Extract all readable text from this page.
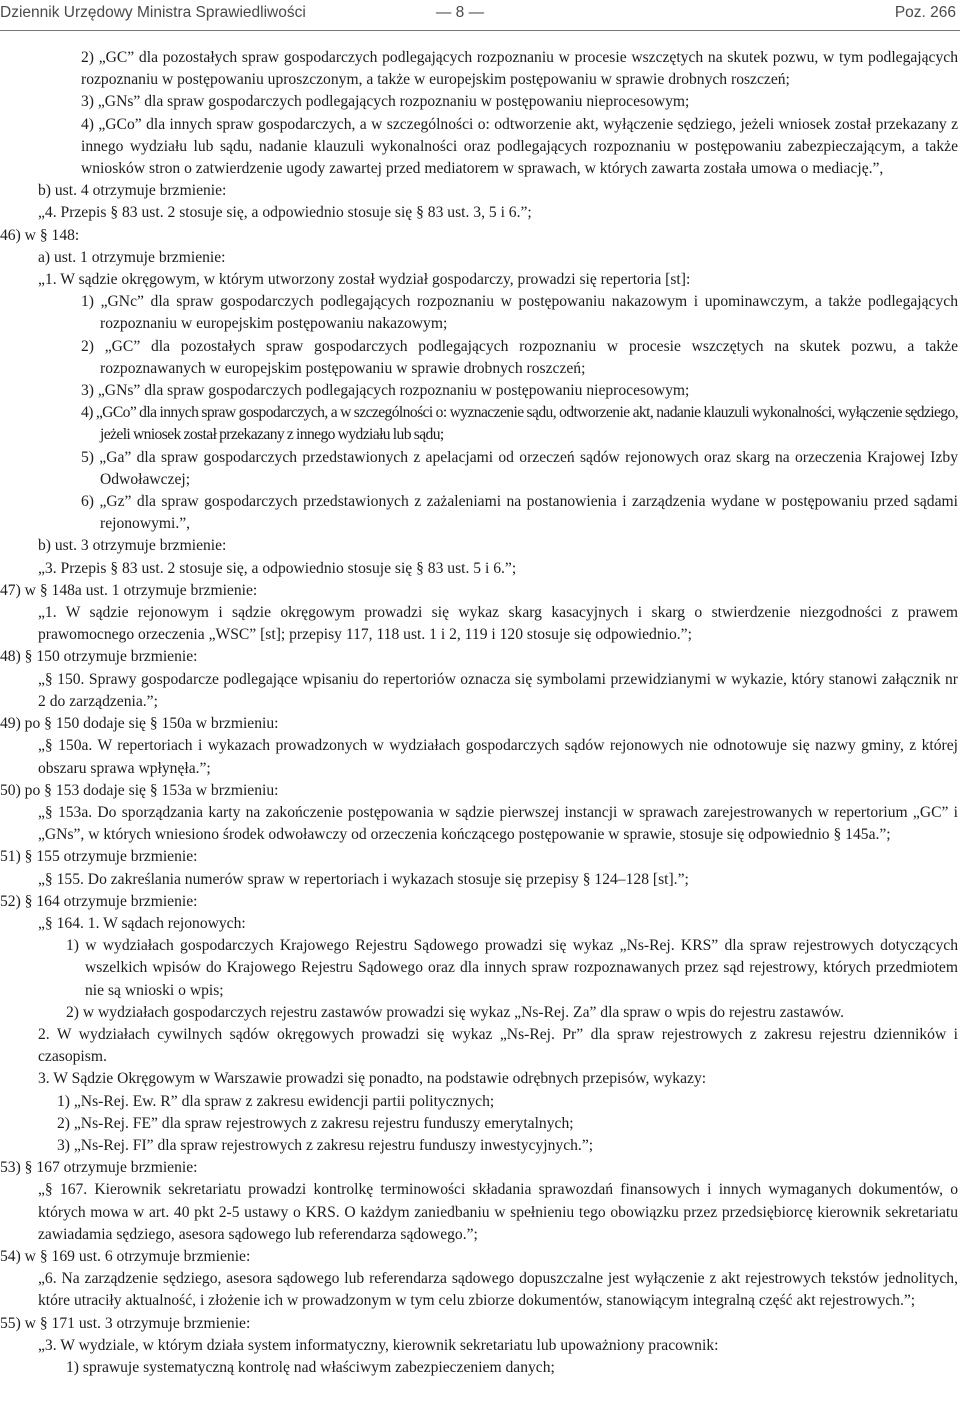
Dziennik Urzędowy Ministra Sprawiedliwości	— 8 —	Poz. 266

2) „GC” dla pozostałych spraw gospodarczych podlegających rozpoznaniu w procesie wszczętych na skutek pozwu, w tym podlegających rozpoznaniu w postępowaniu uproszczonym, a także w europejskim postępowaniu w sprawie drobnych roszczeń;

3) „GNs” dla spraw gospodarczych podlegających rozpoznaniu w postępowaniu nieprocesowym;

4) „GCo” dla innych spraw gospodarczych, a w szczególności o: odtworzenie akt, wyłączenie sędziego, jeżeli wniosek został przekazany z innego wydziału lub sądu, nadanie klauzuli wykonalności oraz podlegających rozpoznaniu w postępowaniu zabezpieczającym, a także wniosków stron o zatwierdzenie ugody zawartej przed mediatorem w sprawach, w których zawarta została umowa o mediację.”,

b) ust. 4 otrzymuje brzmienie:

„4. Przepis § 83 ust. 2 stosuje się, a odpowiednio stosuje się § 83 ust. 3, 5 i 6.”;

46) w § 148:

a) ust. 1 otrzymuje brzmienie:

„1. W sądzie okręgowym, w którym utworzony został wydział gospodarczy, prowadzi się repertoria [st]:

1) „GNc” dla spraw gospodarczych podlegających rozpoznaniu w postępowaniu nakazowym i upominawczym, a także podlegających rozpoznaniu w europejskim postępowaniu nakazowym;

2) „GC” dla pozostałych spraw gospodarczych podlegających rozpoznaniu w procesie wszczętych na skutek pozwu, a także rozpoznawanych w europejskim postępowaniu w sprawie drobnych roszczeń;

3) „GNs” dla spraw gospodarczych podlegających rozpoznaniu w postępowaniu nieprocesowym;

4) „GCo” dla innych spraw gospodarczych, a w szczególności o: wyznaczenie sądu, odtworzenie akt, nadanie klauzuli wykonalności, wyłączenie sędziego, jeżeli wniosek został przekazany z innego wydziału lub sądu;

5) „Ga” dla spraw gospodarczych przedstawionych z apelacjami od orzeczeń sądów rejonowych oraz skarg na orzeczenia Krajowej Izby Odwoławczej;

6) „Gz” dla spraw gospodarczych przedstawionych z zażaleniami na postanowienia i zarządzenia wydane w postępowaniu przed sądami rejonowymi.”,

b) ust. 3 otrzymuje brzmienie:

„3. Przepis § 83 ust. 2 stosuje się, a odpowiednio stosuje się § 83 ust. 5 i 6.”;

47) w § 148a ust. 1 otrzymuje brzmienie:

„1. W sądzie rejonowym i sądzie okręgowym prowadzi się wykaz skarg kasacyjnych i skarg o stwierdzenie niezgodności z prawem prawomocnego orzeczenia „WSC” [st]; przepisy 117, 118 ust. 1 i 2, 119 i 120 stosuje się odpowiednio.”;

48) § 150 otrzymuje brzmienie:

„§ 150. Sprawy gospodarcze podlegające wpisaniu do repertoriów oznacza się symbolami przewidzianymi w wykazie, który stanowi załącznik nr 2 do zarządzenia.”;

49) po § 150 dodaje się § 150a w brzmieniu:

„§ 150a. W repertoriach i wykazach prowadzonych w wydziałach gospodarczych sądów rejonowych nie odnotowuje się nazwy gminy, z której obszaru sprawa wpłynęła.”;

50) po § 153 dodaje się § 153a w brzmieniu:

„§ 153a. Do sporządzania karty na zakończenie postępowania w sądzie pierwszej instancji w sprawach zarejestrowanych w repertorium „GC” i „GNs”, w których wniesiono środek odwoławczy od orzeczenia kończącego postępowanie w sprawie, stosuje się odpowiednio § 145a.”;

51) § 155 otrzymuje brzmienie:

„§ 155. Do zakreślania numerów spraw w repertoriach i wykazach stosuje się przepisy § 124–128 [st].”;

52) § 164 otrzymuje brzmienie:

„§ 164. 1. W sądach rejonowych:

1) w wydziałach gospodarczych Krajowego Rejestru Sądowego prowadzi się wykaz „Ns-Rej. KRS” dla spraw rejestrowych dotyczących wszelkich wpisów do Krajowego Rejestru Sądowego oraz dla innych spraw rozpoznawanych przez sąd rejestrowy, których przedmiotem nie są wnioski o wpis;

2) w wydziałach gospodarczych rejestru zastawów prowadzi się wykaz „Ns-Rej. Za” dla spraw o wpis do rejestru zastawów.

2. W wydziałach cywilnych sądów okręgowych prowadzi się wykaz „Ns-Rej. Pr” dla spraw rejestrowych z zakresu rejestru dzienników i czasopism.

3. W Sądzie Okręgowym w Warszawie prowadzi się ponadto, na podstawie odrębnych przepisów, wykazy:

1) „Ns-Rej. Ew. R” dla spraw z zakresu ewidencji partii politycznych;

2) „Ns-Rej. FE” dla spraw rejestrowych z zakresu rejestru funduszy emerytalnych;

3) „Ns-Rej. FI” dla spraw rejestrowych z zakresu rejestru funduszy inwestycyjnych.”;

53) § 167 otrzymuje brzmienie:

„§ 167. Kierownik sekretariatu prowadzi kontrolkę terminowości składania sprawozdań finansowych i innych wymaganych dokumentów, o których mowa w art. 40 pkt 2-5 ustawy o KRS. O każdym zaniedbaniu w spełnieniu tego obowiązku przez przedsiębiorcę kierownik sekretariatu zawiadamia sędziego, asesora sądowego lub referendarza sądowego.”;

54) w § 169 ust. 6 otrzymuje brzmienie:

„6. Na zarządzenie sędziego, asesora sądowego lub referendarza sądowego dopuszczalne jest wyłączenie z akt rejestrowych tekstów jednolitych, które utraciły aktualność, i złożenie ich w prowadzonym w tym celu zbiorze dokumentów, stanowiącym integralną część akt rejestrowych.”;

55) w § 171 ust. 3 otrzymuje brzmienie:

„3. W wydziale, w którym działa system informatyczny, kierownik sekretariatu lub upoważniony pracownik:

1) sprawuje systematyczną kontrolę nad właściwym zabezpieczeniem danych;
